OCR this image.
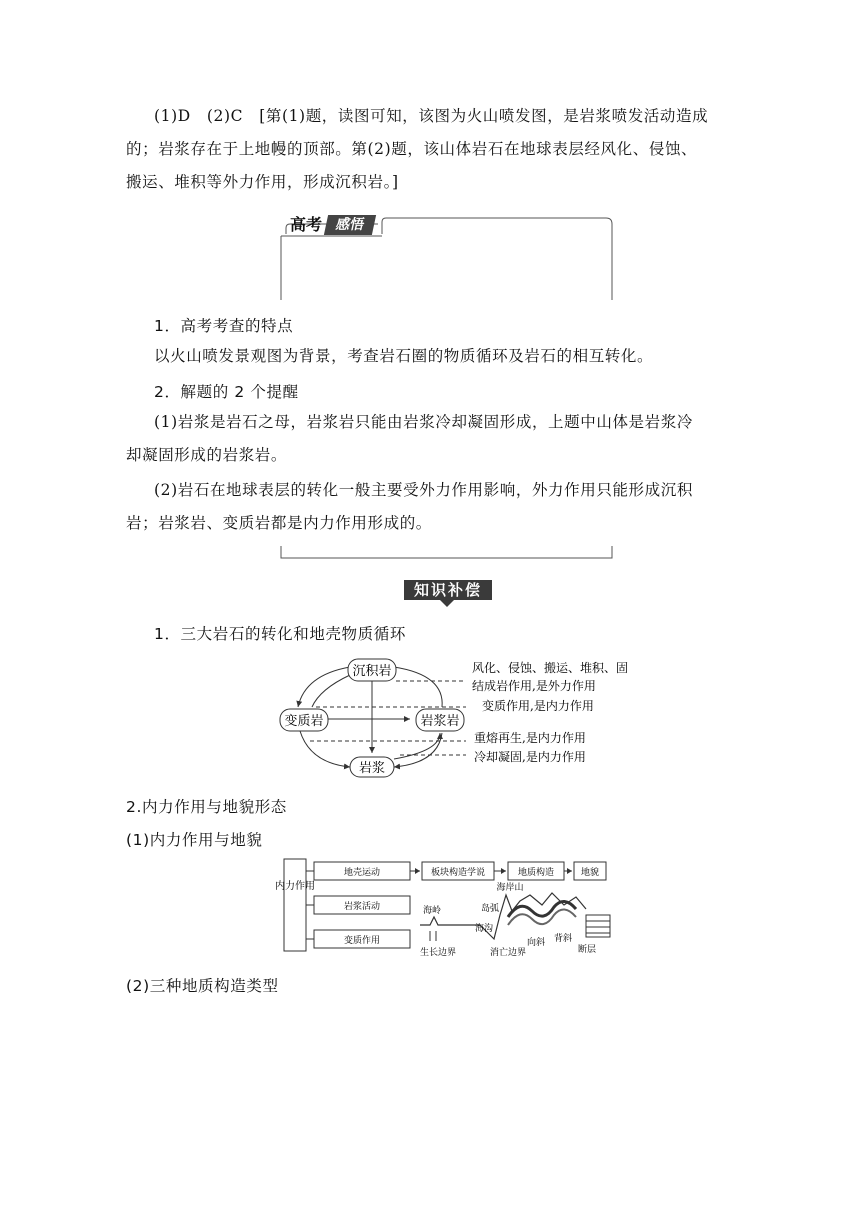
(1)D　(2)C　[第(1)题，读图可知，该图为火山喷发图，是岩浆喷发活动造成
的；岩浆存在于上地幔的顶部。第(2)题，该山体岩石在地球表层经风化、侵蚀、
搬运、堆积等外力作用，形成沉积岩。]
高考 感悟
1．高考考查的特点
以火山喷发景观图为背景，考查岩石圈的物质循环及岩石的相互转化。
2．解题的 2 个提醒
(1)岩浆是岩石之母，岩浆岩只能由岩浆冷却凝固形成，上题中山体是岩浆冷
却凝固形成的岩浆岩。
(2)岩石在地球表层的转化一般主要受外力作用影响，外力作用只能形成沉积
岩；岩浆岩、变质岩都是内力作用形成的。
知识补偿
1．三大岩石的转化和地壳物质循环
沉积岩
变质岩	岩浆岩
岩浆
风化、侵蚀、搬运、堆积、固
结成岩作用,是外力作用
变质作用,是内力作用
重熔再生,是内力作用
冷却凝固,是内力作用
2.内力作用与地貌形态
(1)内力作用与地貌
内力作用
地壳运动
岩浆活动
变质作用
板块构造学说	地质构造	地貌
海岭	岛弧
海沟
海岸山
向斜 背斜
断层
生长边界	消亡边界
(2)三种地质构造类型
